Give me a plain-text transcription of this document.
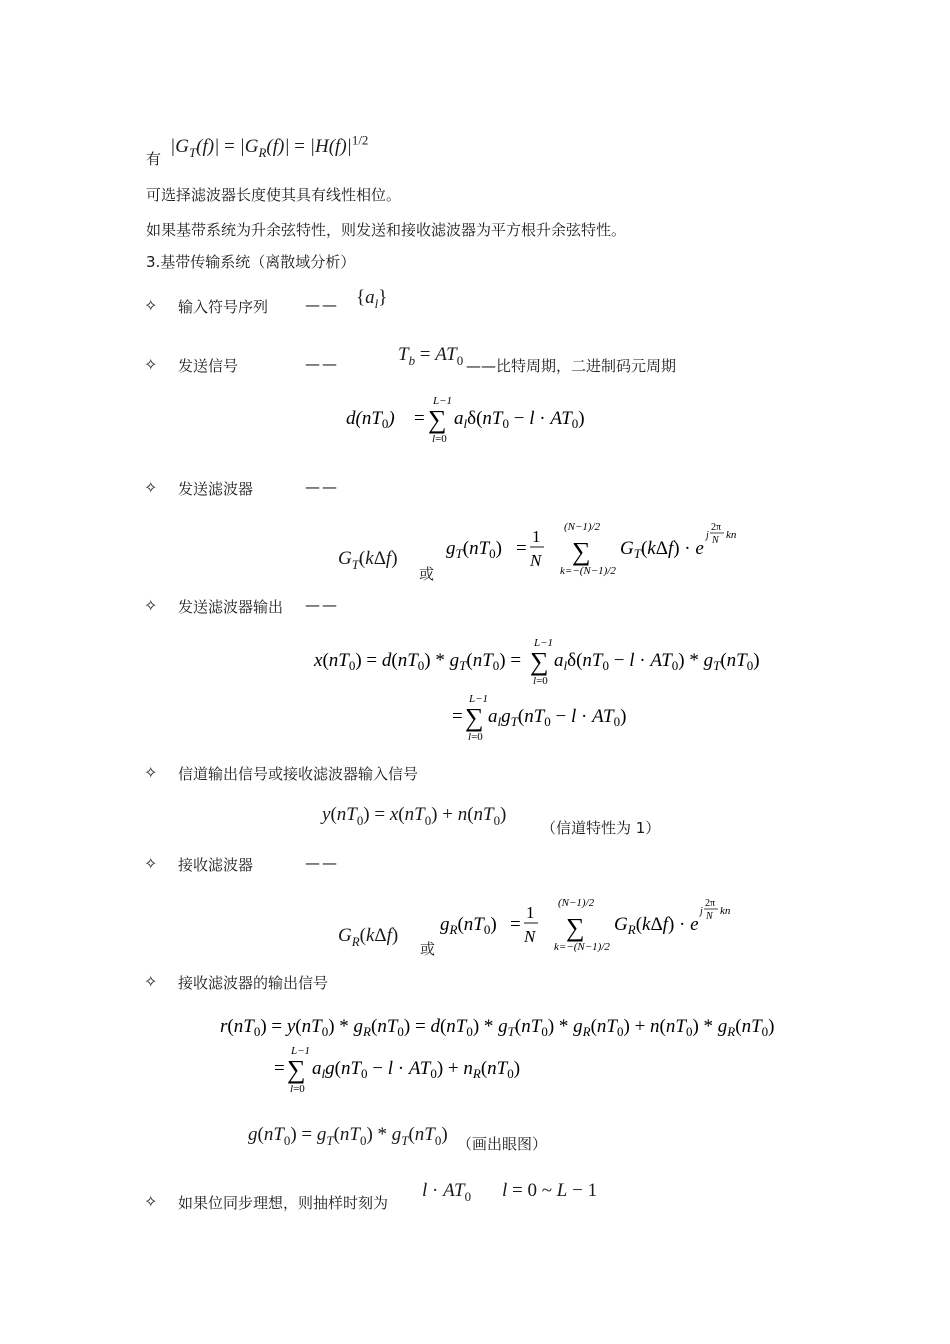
有
$|G_T(f)| = |G_R(f)| = |H(f)|^{1/2}$
可选择滤波器长度使其具有线性相位。
如果基带系统为升余弦特性，则发送和接收滤波器为平方根升余弦特性。
3.基带传输系统（离散域分析）
✧ 输入符号序列 —— $\{a_l\}$
✧ 发送信号	——	$T_b = AT_0$ ——比特周期，二进制码元周期
$d(nT_0)$ =
L−1
∑
l=0
$a_l\delta(nT_0 - l \cdot AT_0)$
✧ 发送滤波器	——
$G_T(k\Delta f)$
或
$g_T(nT_0)$ =
1
N
(N−1)/2
∑
k=−(N−1)/2
$G_T(k\Delta f) \cdot e$
j
2π
N kn
✧ 发送滤波器输出 ——
$x(nT_0) = d(nT_0) * g_T(nT_0)$ =
L−1
∑
l=0
$a_l\delta(nT_0 - l \cdot AT_0) * g_T(nT_0)$
=
L−1
∑
l=0
$a_lg_T(nT_0 - l \cdot AT_0)$
✧ 信道输出信号或接收滤波器输入信号
$y(nT_0) = x(nT_0) + n(nT_0)$
（信道特性为 1）
✧ 接收滤波器	——
$G_R(k\Delta f)$
或
$g_R(nT_0)$ =
1
N
(N−1)/2
∑
k=−(N−1)/2
$G_R(k\Delta f) \cdot e$
j
2π
N kn
✧ 接收滤波器的输出信号
$r(nT_0) = y(nT_0) * g_R(nT_0) = d(nT_0) * g_T(nT_0) * g_R(nT_0) + n(nT_0) * g_R(nT_0)$
=
L−1
∑
l=0
$a_lg(nT_0 - l \cdot AT_0) + n_R(nT_0)$
$g(nT_0) = g_T(nT_0) * g_T(nT_0)$ （画出眼图）
✧ 如果位同步理想，则抽样时刻为
$l \cdot AT_0$ l = 0 ~ L − 1
